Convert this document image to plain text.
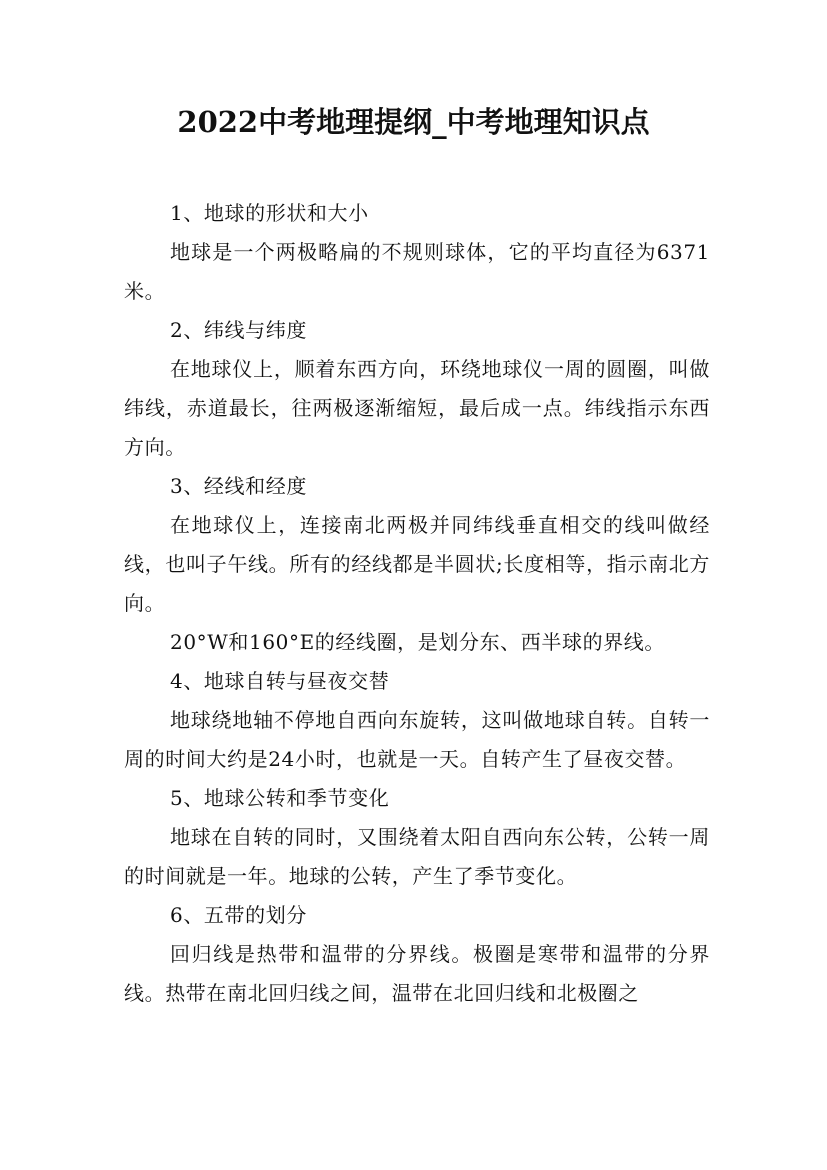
2022中考地理提纲_中考地理知识点

1、地球的形状和大小

地球是一个两极略扁的不规则球体，它的平均直径为6371米。

2、纬线与纬度

在地球仪上，顺着东西方向，环绕地球仪一周的圆圈，叫做纬线，赤道最长，往两极逐渐缩短，最后成一点。纬线指示东西方向。

3、经线和经度

在地球仪上，连接南北两极并同纬线垂直相交的线叫做经线，也叫子午线。所有的经线都是半圆状;长度相等，指示南北方向。

20°W和160°E的经线圈，是划分东、西半球的界线。

4、地球自转与昼夜交替

地球绕地轴不停地自西向东旋转，这叫做地球自转。自转一周的时间大约是24小时，也就是一天。自转产生了昼夜交替。

5、地球公转和季节变化

地球在自转的同时，又围绕着太阳自西向东公转，公转一周的时间就是一年。地球的公转，产生了季节变化。

6、五带的划分

回归线是热带和温带的分界线。极圈是寒带和温带的分界线。热带在南北回归线之间，温带在北回归线和北极圈之
